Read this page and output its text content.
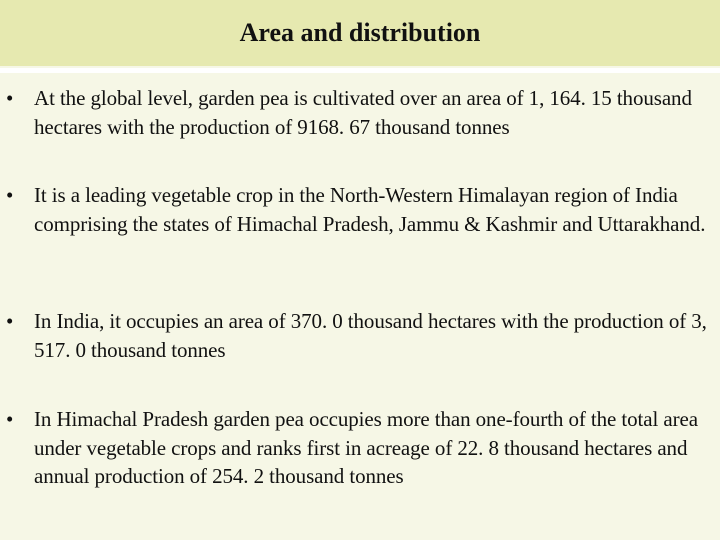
Area and distribution
• At the global level, garden pea is cultivated over an area of 1, 164. 15 thousand hectares with the production of 9168. 67 thousand tonnes
• It is a leading vegetable crop in the North-Western Himalayan region of India comprising the states of Himachal Pradesh, Jammu & Kashmir and Uttarakhand.
• In India, it occupies an area of 370. 0 thousand hectares with the production of 3, 517. 0 thousand tonnes
• In Himachal Pradesh garden pea occupies more than one-fourth of the total area under vegetable crops and ranks first in acreage of 22. 8 thousand hectares and annual production of 254. 2 thousand tonnes
